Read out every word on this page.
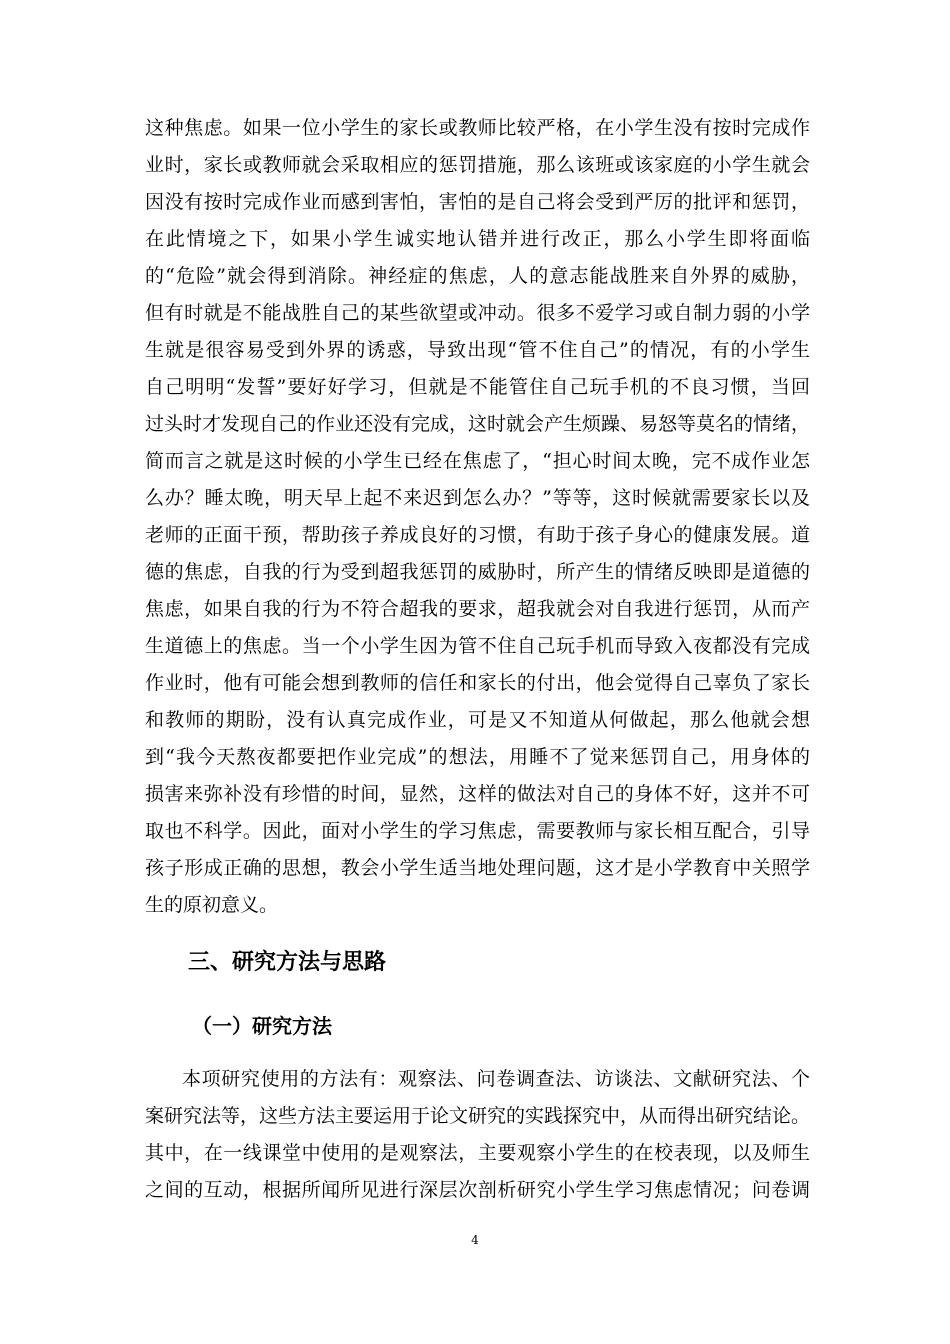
这种焦虑。如果一位小学生的家长或教师比较严格，在小学生没有按时完成作
业时，家长或教师就会采取相应的惩罚措施，那么该班或该家庭的小学生就会
因没有按时完成作业而感到害怕，害怕的是自己将会受到严厉的批评和惩罚，
在此情境之下，如果小学生诚实地认错并进行改正，那么小学生即将面临
的“危险”就会得到消除。神经症的焦虑，人的意志能战胜来自外界的威胁，
但有时就是不能战胜自己的某些欲望或冲动。很多不爱学习或自制力弱的小学
生就是很容易受到外界的诱惑，导致出现“管不住自己”的情况，有的小学生
自己明明“发誓”要好好学习，但就是不能管住自己玩手机的不良习惯，当回
过头时才发现自己的作业还没有完成，这时就会产生烦躁、易怒等莫名的情绪，
简而言之就是这时候的小学生已经在焦虑了，“担心时间太晚，完不成作业怎
么办？睡太晚，明天早上起不来迟到怎么办？”等等，这时候就需要家长以及
老师的正面干预，帮助孩子养成良好的习惯，有助于孩子身心的健康发展。道
德的焦虑，自我的行为受到超我惩罚的威胁时，所产生的情绪反映即是道德的
焦虑，如果自我的行为不符合超我的要求，超我就会对自我进行惩罚，从而产
生道德上的焦虑。当一个小学生因为管不住自己玩手机而导致入夜都没有完成
作业时，他有可能会想到教师的信任和家长的付出，他会觉得自己辜负了家长
和教师的期盼，没有认真完成作业，可是又不知道从何做起，那么他就会想
到“我今天熬夜都要把作业完成”的想法，用睡不了觉来惩罚自己，用身体的
损害来弥补没有珍惜的时间，显然，这样的做法对自己的身体不好，这并不可
取也不科学。因此，面对小学生的学习焦虑，需要教师与家长相互配合，引导
孩子形成正确的思想，教会小学生适当地处理问题，这才是小学教育中关照学
生的原初意义。
三、研究方法与思路
（一）研究方法
本项研究使用的方法有：观察法、问卷调查法、访谈法、文献研究法、个
案研究法等，这些方法主要运用于论文研究的实践探究中，从而得出研究结论。
其中，在一线课堂中使用的是观察法，主要观察小学生的在校表现，以及师生
之间的互动，根据所闻所见进行深层次剖析研究小学生学习焦虑情况；问卷调
4
